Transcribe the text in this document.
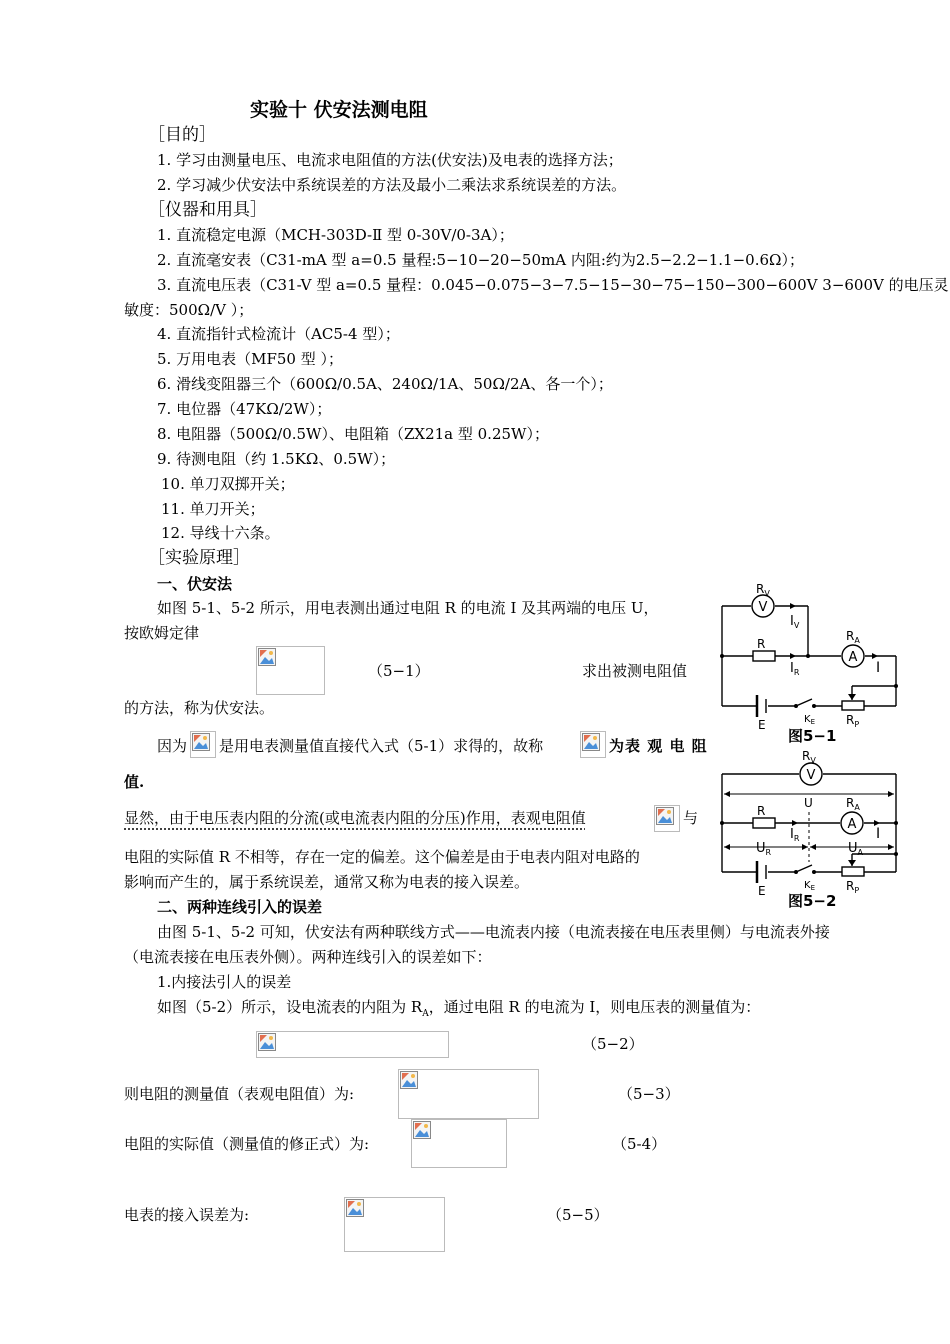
实验十 伏安法测电阻
［目的］
1. 学习由测量电压、电流求电阻值的方法(伏安法)及电表的选择方法；
2. 学习减少伏安法中系统误差的方法及最小二乘法求系统误差的方法。
［仪器和用具］
1. 直流稳定电源（MCH-303D-Ⅱ 型 0-30V/0-3A）；
2. 直流毫安表（C31-mA 型 a=0.5 量程:5−10−20−50mA 内阻:约为2.5−2.2−1.1−0.6Ω）；
3. 直流电压表（C31-V 型 a=0.5 量程：0.045−0.075−3−7.5−15−30−75−150−300−600V 3−600V 的电压灵
敏度：500Ω/V ）；
4. 直流指针式检流计（AC5-4 型）；
5. 万用电表（MF50 型 ）；
6. 滑线变阻器三个（600Ω/0.5A、240Ω/1A、50Ω/2A、各一个）；
7. 电位器（47KΩ/2W）；
8. 电阻器（500Ω/0.5W）、电阻箱（ZX21a 型 0.25W）；
9. 待测电阻（约 1.5KΩ、0.5W）；
10. 单刀双掷开关；
11. 单刀开关；
12. 导线十六条。
［实验原理］
一、伏安法
如图 5-1、5-2 所示，用电表测出通过电阻 R 的电流 I 及其两端的电压 U，
按欧姆定律
（5−1）	求出被测电阻值
的方法，称为伏安法。
因为 是用电表测量值直接代入式（5-1）求得的，故称	为表 观 电 阻
值.
显然，由于电压表内阻的分流(或电流表内阻的分压)作用，表观电阻值	与
电阻的实际值 R 不相等，存在一定的偏差。这个偏差是由于电表内阻对电路的
影响而产生的，属于系统误差，通常又称为电表的接入误差。
二、两种连线引入的误差
由图 5-1、5-2 可知，伏安法有两种联线方式——电流表内接（电流表接在电压表里侧）与电流表外接
（电流表接在电压表外侧）。两种连线引入的误差如下：
1.内接法引人的误差
如图（5-2）所示，设电流表的内阻为 $R_A$，通过电阻 R 的电流为 I，则电压表的测量值为：
（5−2）
则电阻的测量值（表观电阻值）为:	（5−3）
电阻的实际值（测量值的修正式）为:	（5-4）
电表的接入误差为:	（5−5）
V
A
$R_V$
$I_V$
R
$I_R$
$R_A$
I
E	$K_E$	$R_P$
图5−1
V
A
$R_V$
U
R
$I_R$
$R_A$
I
$U_R$	$U_A$
E	$K_E$	$R_P$
图5−2
